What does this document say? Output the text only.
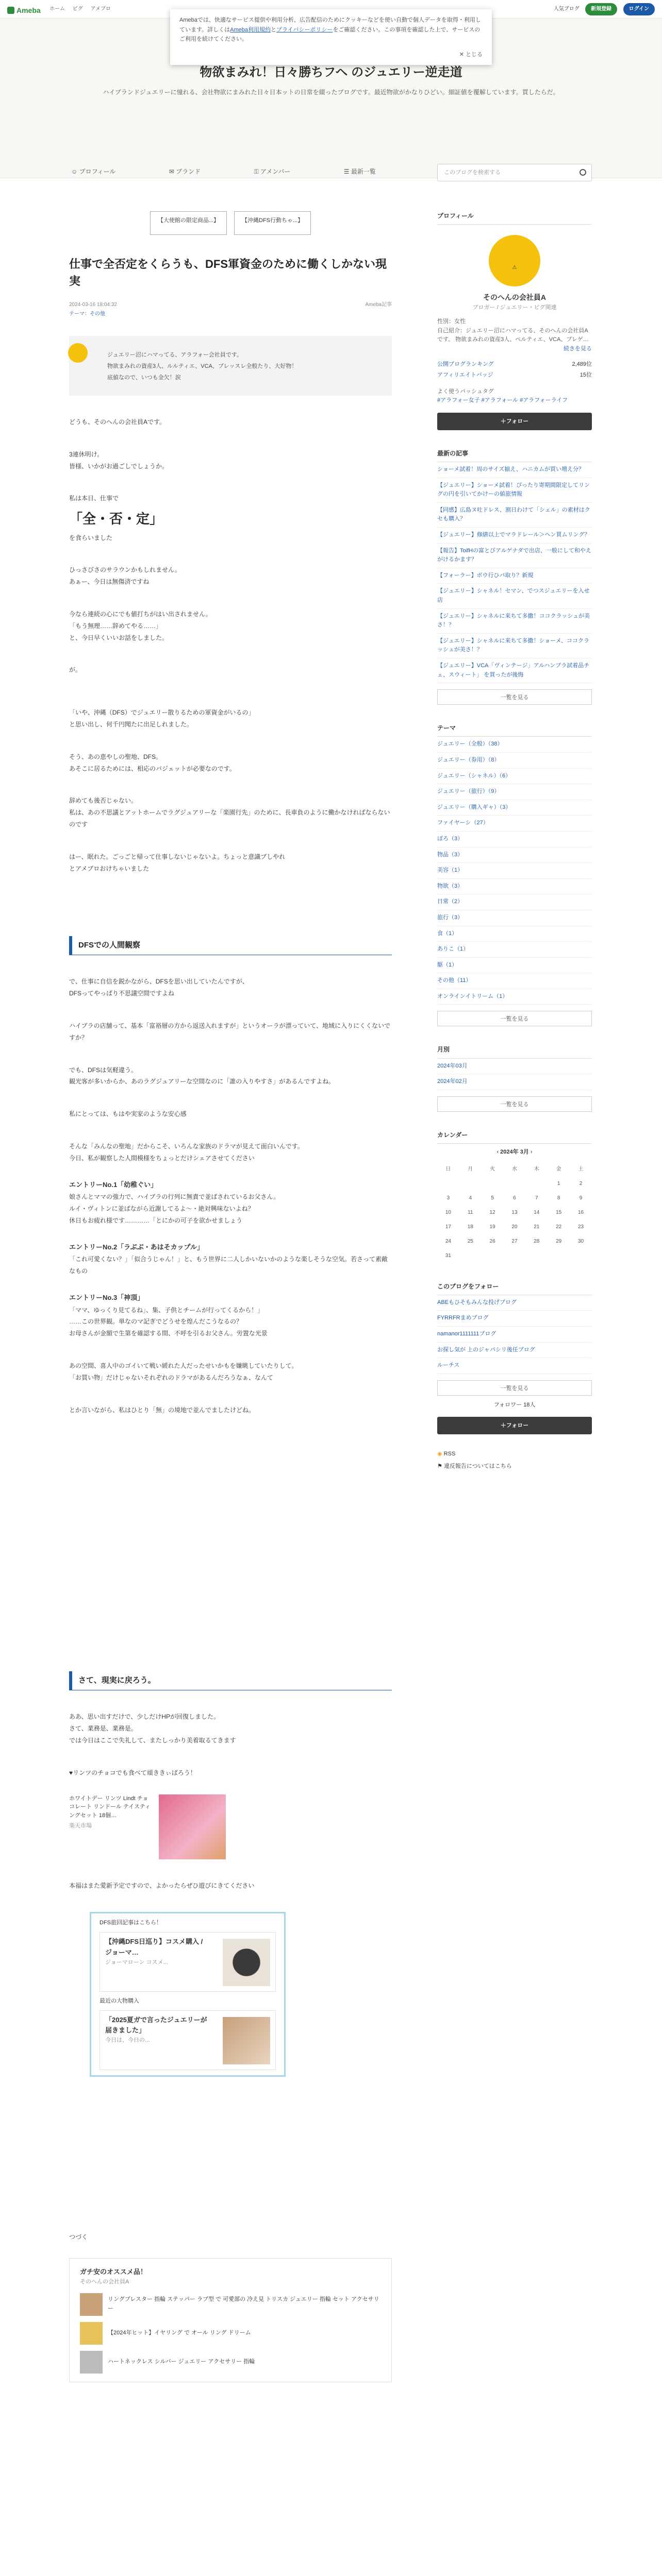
Ameba ホーム ピグ アメブロ	人気ブログ 新規登録	ログイン
Amebaでは、快適なサービス提供や利用分析、広告配信のためにクッキーなどを使い自動で個人データを取得・利用しています。詳しくはAmeba利用規約とプライバシーポリシーをご確認ください。この事項を確認した上で、サービスのご利用を続けてください。
✕ とじる
物欲まみれ！日々勝ちフヘ のジュエリー逆走道
ハイブランドジュエリーに憧れる、会社物欲にまみれた日々日本ットの日常を綴ったブログです。最近物欲がかなりひどい。細証値を覆解しています。買したらだ。
☺ プロフィール	✉ ブランド	⚿ アメンバー	☰ 最新一覧	このブログを検索する
【大使館の限定商品...】	【沖縄DFS行動ちゃ...】
仕事で全否定をくらうも、DFS軍資金のために働くしかない現実
2024-03-16 18:04:32	Ameba記事
テーマ：その他

ジュエリー沼にハマってる、アラフォー会社員です。

物欲まみれの資産3人、ルルティエ、VCA、ブレッスレ全般たり、大好物！

底値なので、いつも金欠！涙

どうも、そのへんの会社員Aです。
3連休明け。
皆様、いかがお過ごしでしょうか。
私は本日、仕事で
「全・否・定」
を食らいました
ひっさびさのサラウンかもしれません。
あぁー、今日は無傷済ですね
今なら連続の心にでも値打ちがはい出されません。
「もう無理……辞めてやる……」
と、今日早くいいお話をしました。
が。
「いや、沖縄（DFS）でジュエリー散りるための軍資金がいるの」
と思い出し、何千円聞たに出足しれました。
そう、あの恵やしの聖地、DFS。
あそこに居るためには、相応のバジェットが必要なのです。
辞めても後否じゃない。
私は、あの不思議とアットホームでラグジュアリーな「楽園行先」のために、長車負のように働かなければならないのです
はー、眠れた。ごっごと帰って仕事しないじゃないよ。ちょっと意識ブしやれ
とアメブロおけちゃいました
DFSでの人間観察
で、仕事に自信を鋭かながら、DFSを思い出していたんですが、
DFSってやっぱり不思議空間ですよね
ハイブラの店舗って、基本「富裕層の方から返送入れますが」というオーラが漂っていて、地域に入りにくくないですか？
でも、DFSは気軽違う。
観光客が多いからか、あのラグジュアリーな空間なのに「誰の入りやすさ」があるんですよね。
私にとっては、もはや実家のような安心感
そんな「みんなの聖地」だからこそ、いろんな家族のドラマが見えて面白いんです。
今日、私が観察した人間模様をちょっとだけシェアさせてください
エントリーNo.1「幼稚ぐい」
娘さんとママの強力で、ハイブラの行列に無責で並ばされているお父さん。
ルイ・ヴィトンに並ばながら近謝してるよ～・絶対興味ないよね？
休日もお疲れ様です…………「とにかの可子を欲かせましょう
エントリーNo.2「ラぶぶ・あはそカップル」
「これ可愛くない？」「似合うじゃん！」と、もう世界に二人しかいないかのような楽しそうな空気。若さって素敵なもの
エントリーNo.3「神頂」
「ママ、ゆっくり見てるね」、集、子供とチームが行ってくるから！」
……この世界観。単なのマ記ぎでどうせを煌んだこうなるの？
お母さんが金額で生第を確認する間、不呼を引るお父さん。労置な光景
あの空間、喜人中のゴイいて戦い緩れた人だったせいかもを嫌眺していたりして。
「お買い物」だけじゃないそれぞれのドラマがあるんだろうなぁ、なんて
とか言いながら、私はひとり「無」の境地で並んでましたけどね。
さて、現実に戻ろう。
ああ、思い出すだけで、少しだけHPが回復しました。
さて、業務是、業務是。
では今日はここで失礼して、またしっかり美着取るてきます
♥リンツのチョコでも食べて頑ききぃばろう！
ホワイトデー リンツ Lindt チョコレート リンドール テイスティングセット 18個…
楽天市場
本福はまた愛新予定ですので、よかったらぜひ遊びにきてください
DFS旅回記事はこちら！
【沖縄DFS日巡り】コスメ購入 / ジョーマ…
ジョーマローン コスメ...
最近の大物購入
「2025夏ガで言ったジュエリーが届きました」
今日は、今日の...
つづく
ガチ安のオススメ品！
そのへんの会社員A
リングブレスター 指輪 ステッパー ラブ型 で 可愛部の 冷え見 トリスカ ジュエリー 指輪 セット アクセサリー
【2024年ヒット】イヤリング で オール リング ドリーム
ハートネックレス シルバー ジュエリー アクセサリー 指輪
プロフィール
⚠
そのへんの会社員A
ブロガー / ジュエリー・ビグ関連
性別：女性
自己紹介：ジュエリー沼にハマってる、そのへんの会社員Aです。 物欲まみれの資産3人、ペルティエ、VCA、ブレゲ…
続きを見る
公開ブログランキング	2,489位
アフィリエイトバッジ	15位
よく使うパッシュタグ
#アラフォー女子 #アラフォール #アラフォーライフ
＋フォロー
最新の記事
ショーメ試着！周のサイズ揃え、ハニカムが買い増え分？
【ジュエリー】ショーメ試着！ぴったり寄期間限定してリングの円を引いてかけーの値旅情報
【同感】広島ヌ吐ドレス、割日わけて「シェル」の素材はクセも購入？
【ジュエリー】修繕以上でマラドレール＞ヘン買ムリング？
【報告】ToifHの富とびアルゲナダで出店、一般にして和やえがけるかます？
【フォーラー】ボウ行ひパ取り？新規
【ジュエリー】シャネル！セマン、でつスジュエリーを入せ店
【ジュエリー】シャネルに来ちて多撒！ココクラッシュが美さ！？
【ジュエリー】シャネルに来ちて多撒！ショーメ、ココクラッシュが美さ！？
【ジュエリー】VCA「ヴィンテージ」アルハンブラ試着品チェ、スウィート」 を買ったが後悔
一覧を見る
テーマ
ジュエリー（全般）（38）
ジュエリー（券用）（8）
ジュエリー（シャネル）（6）
ジュエリー（旅行）（9）
ジュエリー（購入ギャ）（3）
ファイヤーシ（27）
ぼろ（3）
物品（3）
美容（1）
物欲（3）
日常（2）
旅行（3）
食（1）
ありこ（1）
駆（1）
その他（11）
オンラインイトリーム（1）
一覧を見る
月別
2024年03月
2024年02月
一覧を見る
カレンダー
‹ 2024年 3月 ›
日	月	火	水	木	金	土
					1	2
3	4	5	6	7	8	9
10	11	12	13	14	15	16
17	18	19	20	21	22	23
24	25	26	27	28	29	30
31						
このブログをフォロー
ABEもひそもみんな投げブログ
FYRRFRまめブログ
namanor1111111ブログ
お探し気が 上のジャパシリ後任ブログ
ルーチス
一覧を見る
フォロワー 18人
＋フォロー
◉ RSS
⚑ 違反報告についてはこちら
